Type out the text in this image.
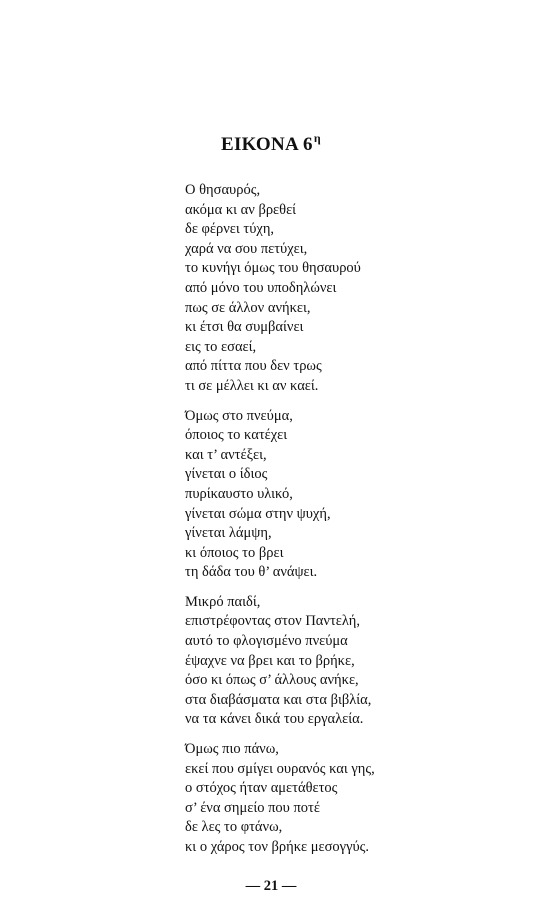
ΕΙΚΟΝΑ $6^\eta$
Ο θησαυρός,
ακόμα κι αν βρεθεί
δε φέρνει τύχη,
χαρά να σου πετύχει,
το κυνήγι όμως του θησαυρού
από μόνο του υποδηλώνει
πως σε άλλον ανήκει,
κι έτσι θα συμβαίνει
εις το εσαεί,
από πίττα που δεν τρως
τι σε μέλλει κι αν καεί.
Όμως στο πνεύμα,
όποιος το κατέχει
και τ’ αντέξει,
γίνεται ο ίδιος
πυρίκαυστο υλικό,
γίνεται σώμα στην ψυχή,
γίνεται λάμψη,
κι όποιος το βρει
τη δάδα του θ’ ανάψει.
Μικρό παιδί,
επιστρέφοντας στον Παντελή,
αυτό το φλογισμένο πνεύμα
έψαχνε να βρει και το βρήκε,
όσο κι όπως σ’ άλλους ανήκε,
στα διαβάσματα και στα βιβλία,
να τα κάνει δικά του εργαλεία.
Όμως πιο πάνω,
εκεί που σμίγει ουρανός και γης,
ο στόχος ήταν αμετάθετος
σ’ ένα σημείο που ποτέ
δε λες το φτάνω,
κι ο χάρος τον βρήκε μεσογγύς.
— 21 —
